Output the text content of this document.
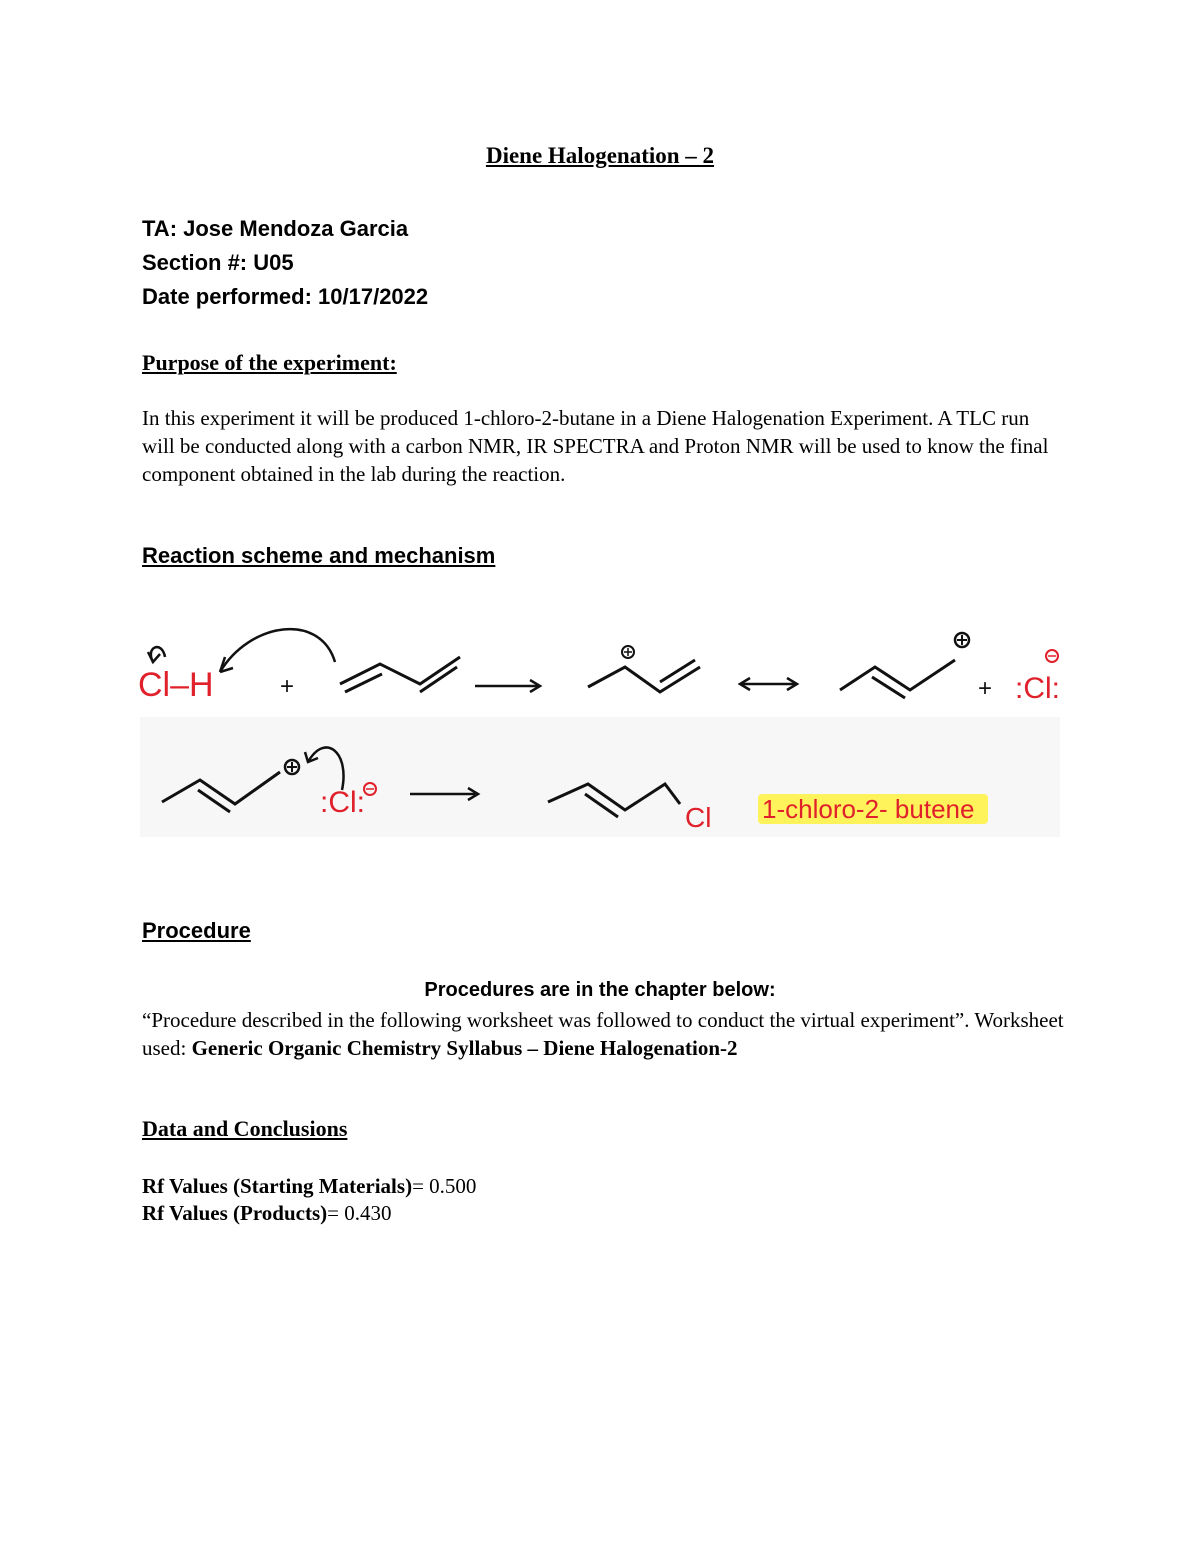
Diene Halogenation – 2
TA: Jose Mendoza Garcia
Section #: U05
Date performed: 10/17/2022
Purpose of the experiment:
In this experiment it will be produced 1-chloro-2-butane in a Diene Halogenation Experiment. A TLC run will be conducted along with a carbon NMR, IR SPECTRA and Proton NMR will be used to know the final component obtained in the lab during the reaction.
Reaction scheme and mechanism
Cl–H	+	+ :Cl:
:Cl:	Cl 1-chloro-2- butene
Procedure
Procedures are in the chapter below:
“Procedure described in the following worksheet was followed to conduct the virtual experiment”. Worksheet used: Generic Organic Chemistry Syllabus – Diene Halogenation-2
Data and Conclusions
Rf Values (Starting Materials)= 0.500
Rf Values (Products)= 0.430
